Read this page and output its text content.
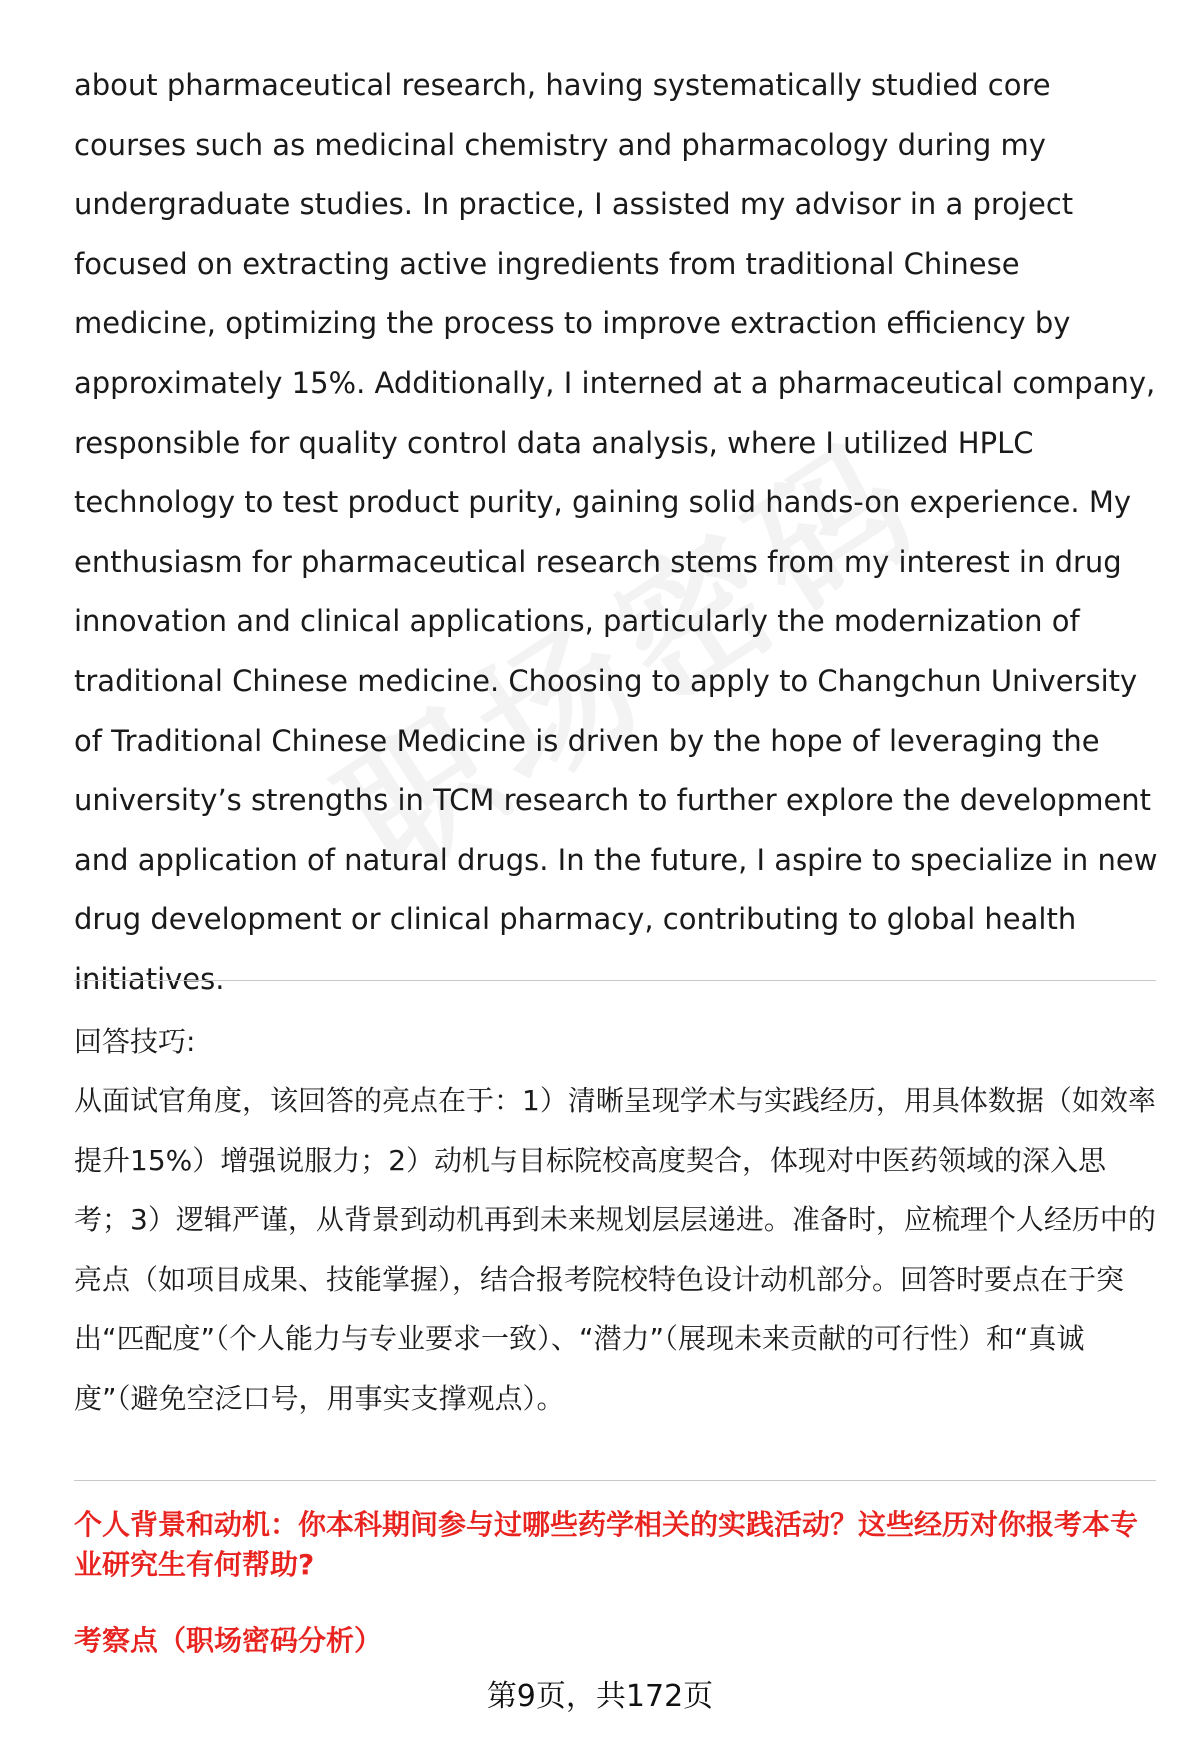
about pharmaceutical research, having systematically studied core courses such as medicinal chemistry and pharmacology during my undergraduate studies. In practice, I assisted my advisor in a project focused on extracting active ingredients from traditional Chinese medicine, optimizing the process to improve extraction efficiency by approximately 15%. Additionally, I interned at a pharmaceutical company, responsible for quality control data analysis, where I utilized HPLC technology to test product purity, gaining solid hands-on experience. My enthusiasm for pharmaceutical research stems from my interest in drug innovation and clinical applications, particularly the modernization of traditional Chinese medicine. Choosing to apply to Changchun University of Traditional Chinese Medicine is driven by the hope of leveraging the university’s strengths in TCM research to further explore the development and application of natural drugs. In the future, I aspire to specialize in new drug development or clinical pharmacy, contributing to global health initiatives.

回答技巧:

从面试官角度，该回答的亮点在于：1）清晰呈现学术与实践经历，用具体数据（如效率提升15%）增强说服力；2）动机与目标院校高度契合，体现对中医药领域的深入思考；3）逻辑严谨，从背景到动机再到未来规划层层递进。准备时，应梳理个人经历中的亮点（如项目成果、技能掌握），结合报考院校特色设计动机部分。回答时要点在于突出“匹配度”（个人能力与专业要求一致）、“潜力”（展现未来贡献的可行性）和“真诚度”（避免空泛口号，用事实支撑观点）。

个人背景和动机：你本科期间参与过哪些药学相关的实践活动？这些经历对你报考本专业研究生有何帮助?

考察点（职场密码分析）

第9页，共172页
